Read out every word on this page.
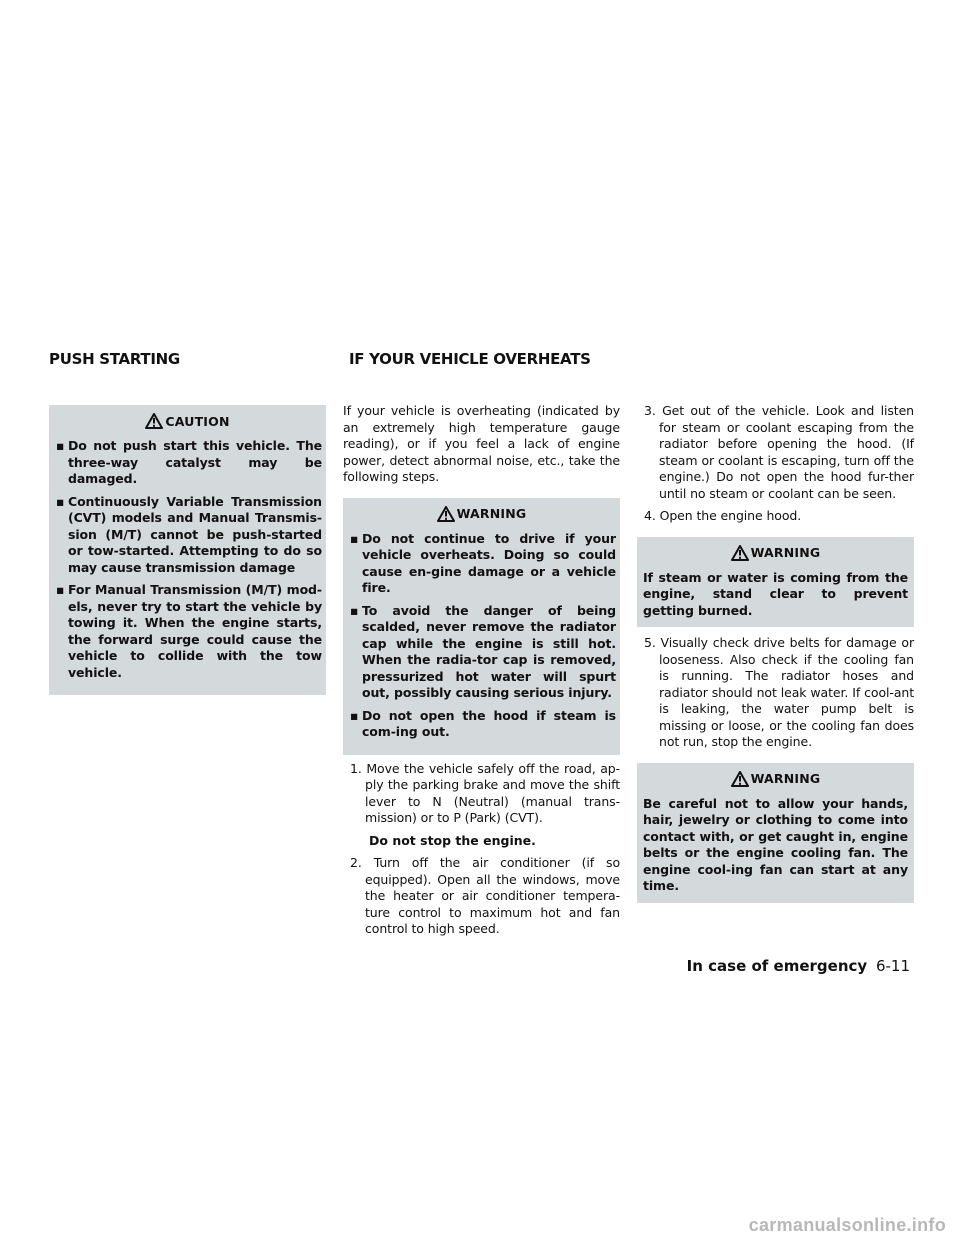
PUSH STARTING	IF YOUR VEHICLE OVERHEATS
CAUTION
▪ Do not push start this vehicle. The three-way catalyst may be damaged.
▪ Continuously Variable Transmission (CVT) models and Manual Transmis-sion (M/T) cannot be push-started or tow-started. Attempting to do so may cause transmission damage
▪ For Manual Transmission (M/T) mod-els, never try to start the vehicle by towing it. When the engine starts, the forward surge could cause the vehicle to collide with the tow vehicle.

If your vehicle is overheating (indicated by an extremely high temperature gauge reading), or if you feel a lack of engine power, detect abnormal noise, etc., take the following steps.

WARNING
▪ Do not continue to drive if your vehicle overheats. Doing so could cause en-gine damage or a vehicle fire.
▪ To avoid the danger of being scalded, never remove the radiator cap while the engine is still hot. When the radia-tor cap is removed, pressurized hot water will spurt out, possibly causing serious injury.
▪ Do not open the hood if steam is com-ing out.
1. Move the vehicle safely off the road, ap-ply the parking brake and move the shift lever to N (Neutral) (manual trans-mission) or to P (Park) (CVT).
Do not stop the engine.
2. Turn off the air conditioner (if so equipped). Open all the windows, move the heater or air conditioner tempera-ture control to maximum hot and fan control to high speed.
3. Get out of the vehicle. Look and listen for steam or coolant escaping from the radiator before opening the hood. (If steam or coolant is escaping, turn off the engine.) Do not open the hood fur-ther until no steam or coolant can be seen.
4. Open the engine hood.
WARNING
If steam or water is coming from the engine, stand clear to prevent getting burned.
5. Visually check drive belts for damage or looseness. Also check if the cooling fan is running. The radiator hoses and radiator should not leak water. If cool-ant is leaking, the water pump belt is missing or loose, or the cooling fan does not run, stop the engine.
WARNING
Be careful not to allow your hands, hair, jewelry or clothing to come into contact with, or get caught in, engine belts or the engine cooling fan. The engine cool-ing fan can start at any time.
In case of emergency 6-11
carmanualsonline.info
